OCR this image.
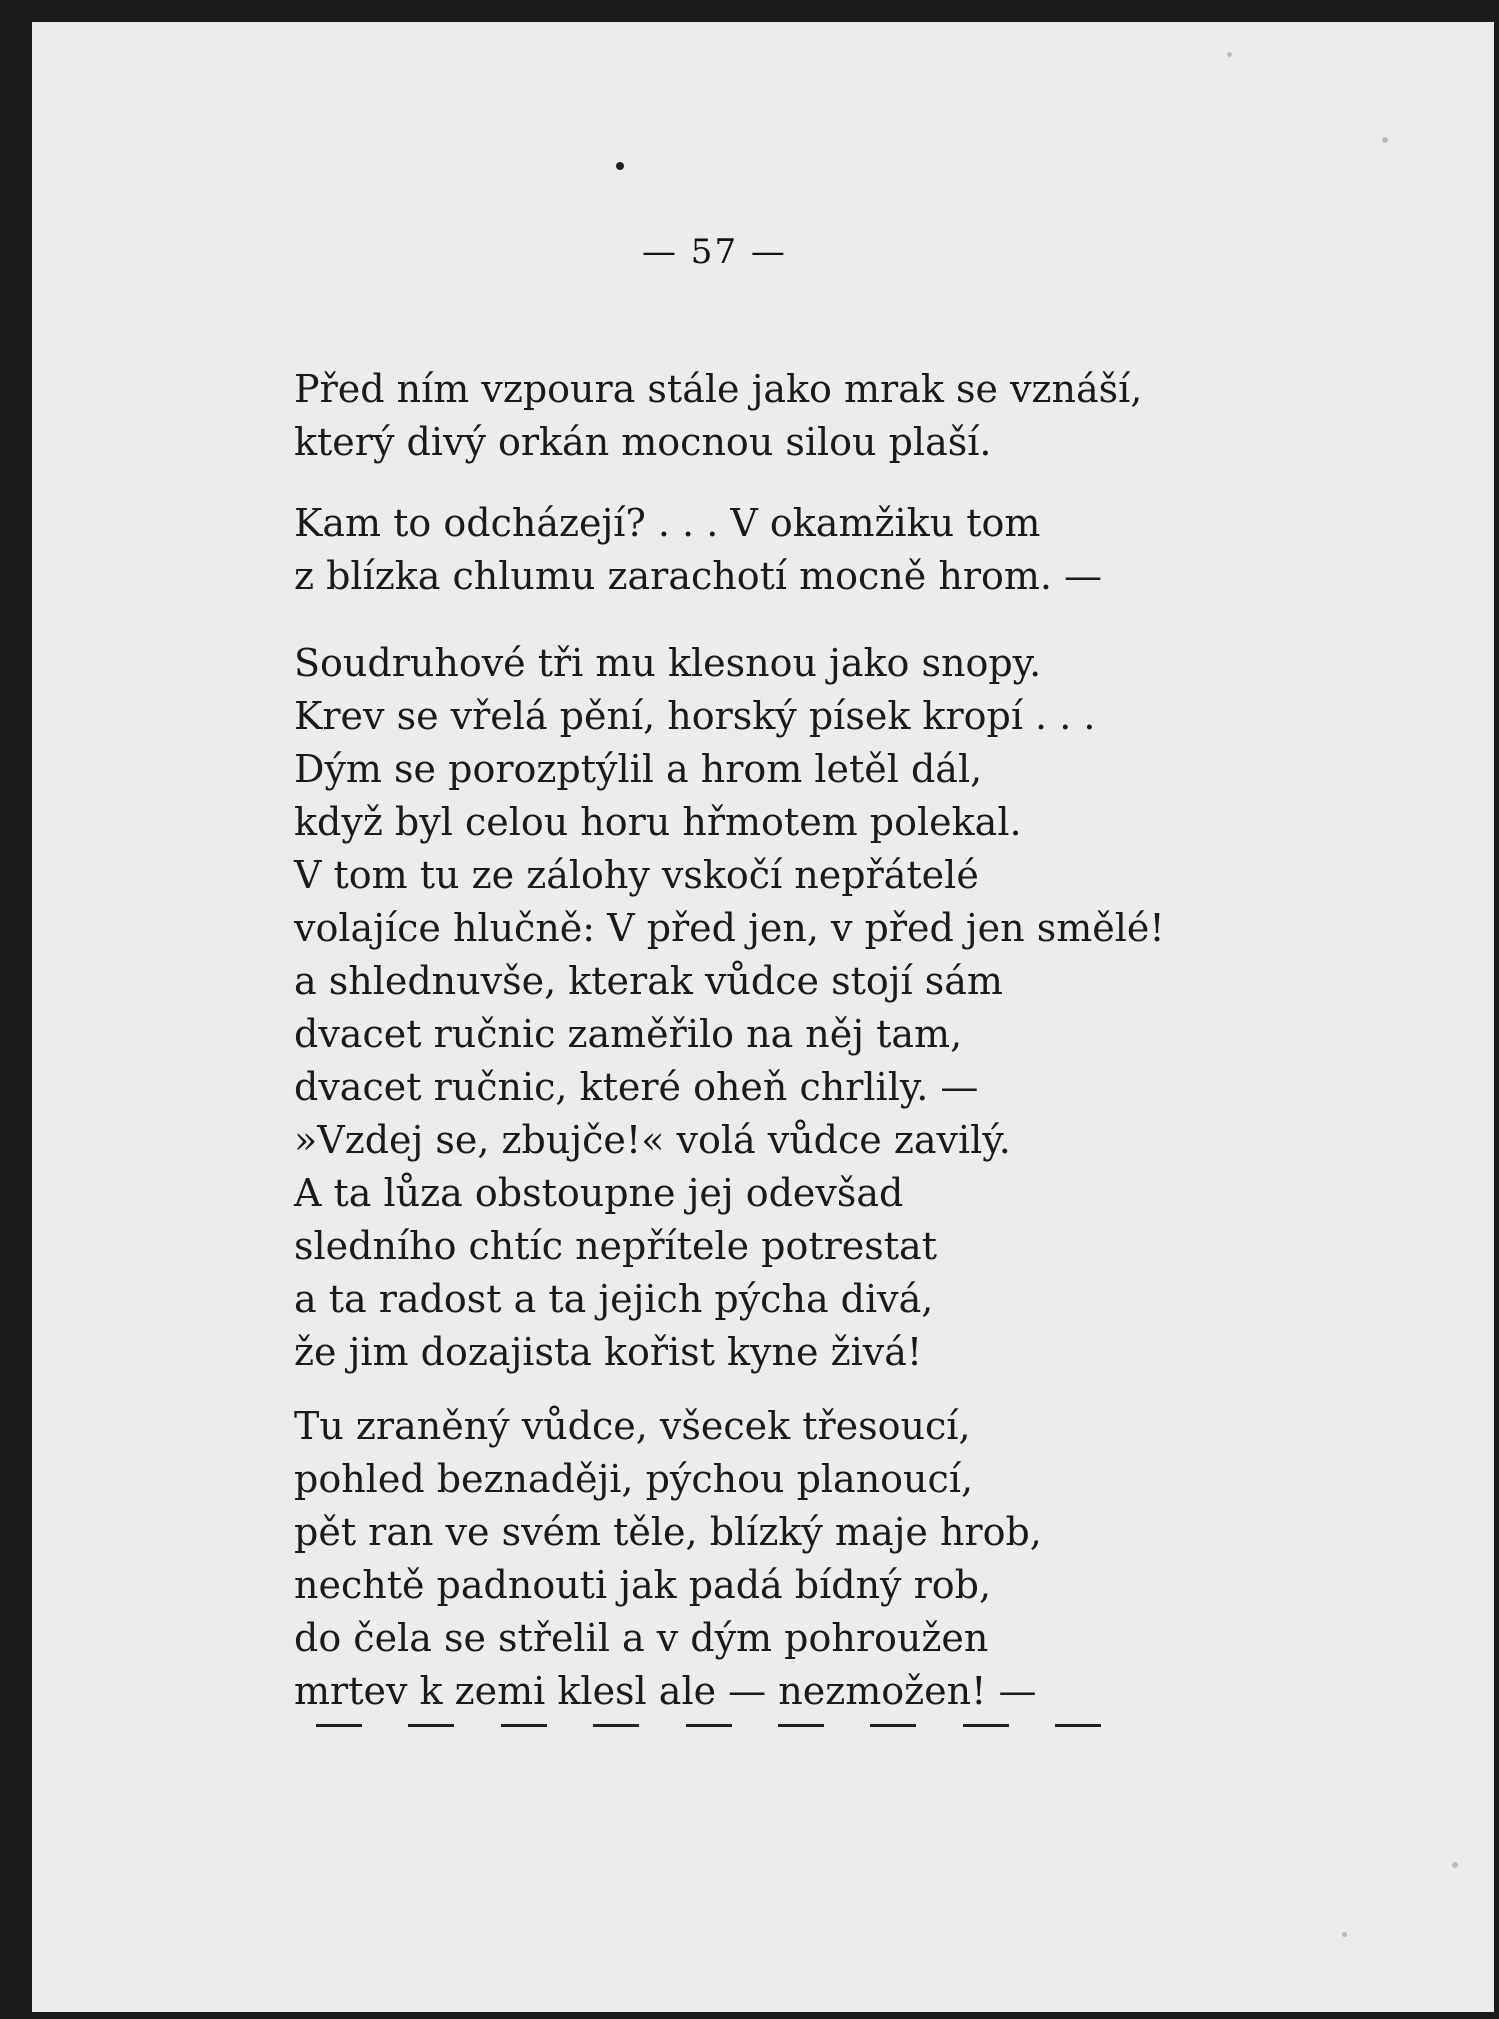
— 57 —
Před ním vzpoura stále jako mrak se vznáší,
který divý orkán mocnou silou plaší.
Kam to odcházejí? . . . V okamžiku tom
z blízka chlumu zarachotí mocně hrom. —
Soudruhové tři mu klesnou jako snopy.
Krev se vřelá pění, horský písek kropí . . .
Dým se porozptýlil a hrom letěl dál,
když byl celou horu hřmotem polekal.
V tom tu ze zálohy vskočí nepřátelé
volajíce hlučně: V před jen, v před jen smělé!
a shlednuvše, kterak vůdce stojí sám
dvacet ručnic zaměřilo na něj tam,
dvacet ručnic, které oheň chrlily. —
»Vzdej se, zbujče!« volá vůdce zavilý.
A ta lůza obstoupne jej odevšad
sledního chtíc nepřítele potrestat
a ta radost a ta jejich pýcha divá,
že jim dozajista kořist kyne živá!
Tu zraněný vůdce, všecek třesoucí,
pohled beznaději, pýchou planoucí,
pět ran ve svém těle, blízký maje hrob,
nechtě padnouti jak padá bídný rob,
do čela se střelil a v dým pohroužen
mrtev k zemi klesl ale — nezmožen! —
